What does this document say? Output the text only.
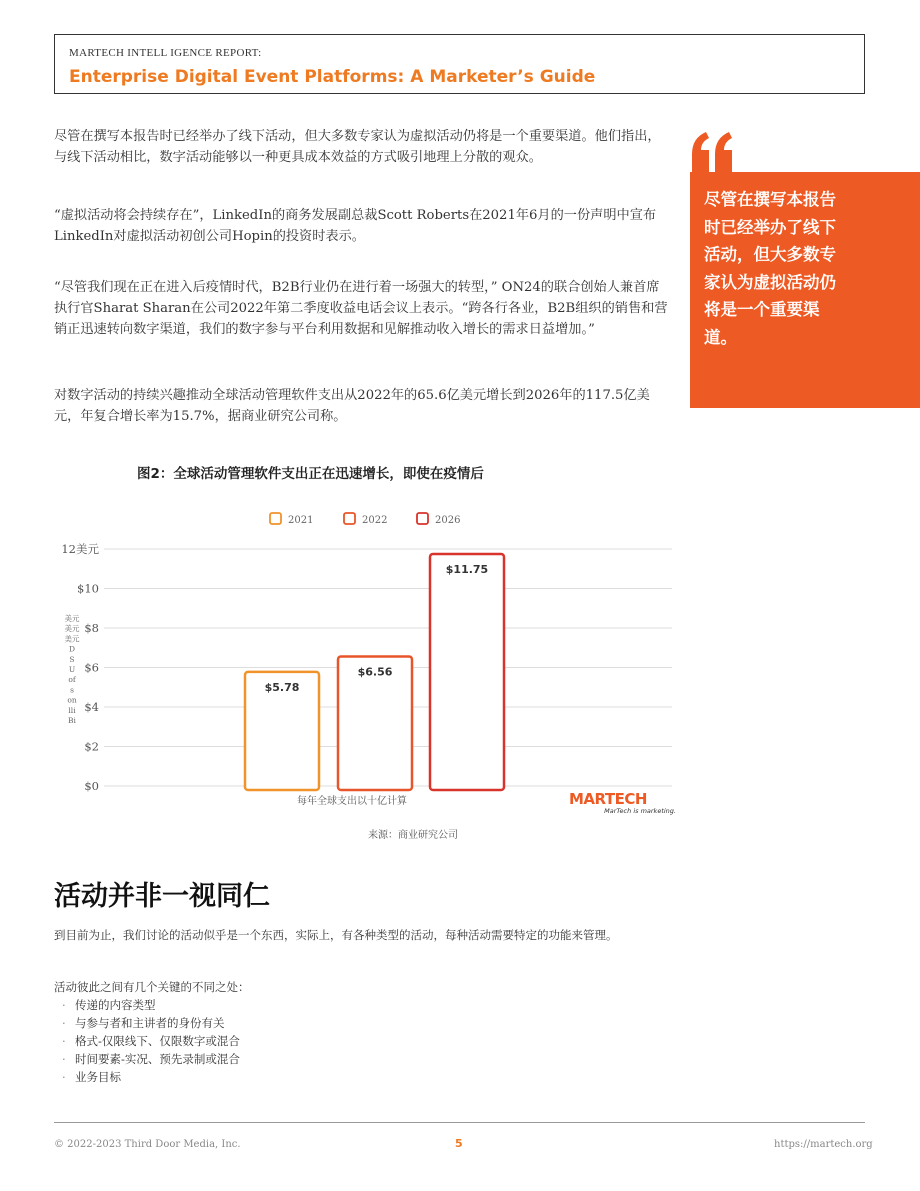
MARTECH INTELL IGENCE REPORT:
Enterprise Digital Event Platforms: A Marketer’s Guide

尽管在撰写本报告时已经举办了线下活动，但大多数专家认为虚拟活动仍将是一个重要渠道。他们指出，与线下活动相比，数字活动能够以一种更具成本效益的方式吸引地理上分散的观众。

“虚拟活动将会持续存在”，LinkedIn的商务发展副总裁Scott Roberts在2021年6月的一份声明中宣布LinkedIn对虚拟活动初创公司Hopin的投资时表示。

“尽管我们现在正在进入后疫情时代，B2B行业仍在进行着一场强大的转型，” ON24的联合创始人兼首席执行官Sharat Sharan在公司2022年第二季度收益电话会议上表示。“跨各行各业，B2B组织的销售和营销正迅速转向数字渠道，我们的数字参与平台利用数据和见解推动收入增长的需求日益增加。”

对数字活动的持续兴趣推动全球活动管理软件支出从2022年的65.6亿美元增长到2026年的117.5亿美元，年复合增长率为15.7%，据商业研究公司称。

尽管在撰写本报告时已经举办了线下活动，但大多数专家认为虚拟活动仍将是一个重要渠道。
图2：全球活动管理软件支出正在迅速增长，即使在疫情后
2021	2022	2026
$0
$2
$4
$6
$8
$10
12美元
美元
美元
美元
D
S
U
of
s
on
lli
Bi
$5.78
$6.56
$11.75
每年全球支出以十亿计算	MARTECH
MarTech is marketing.
来源：商业研究公司
活动并非一视同仁
到目前为止，我们讨论的活动似乎是一个东西，实际上，有各种类型的活动，每种活动需要特定的功能来管理。
活动彼此之间有几个关键的不同之处：
· 传递的内容类型
· 与参与者和主讲者的身份有关
· 格式-仅限线下、仅限数字或混合
· 时间要素-实况、预先录制或混合
· 业务目标
© 2022-2023 Third Door Media, Inc.	5	https://martech.org
